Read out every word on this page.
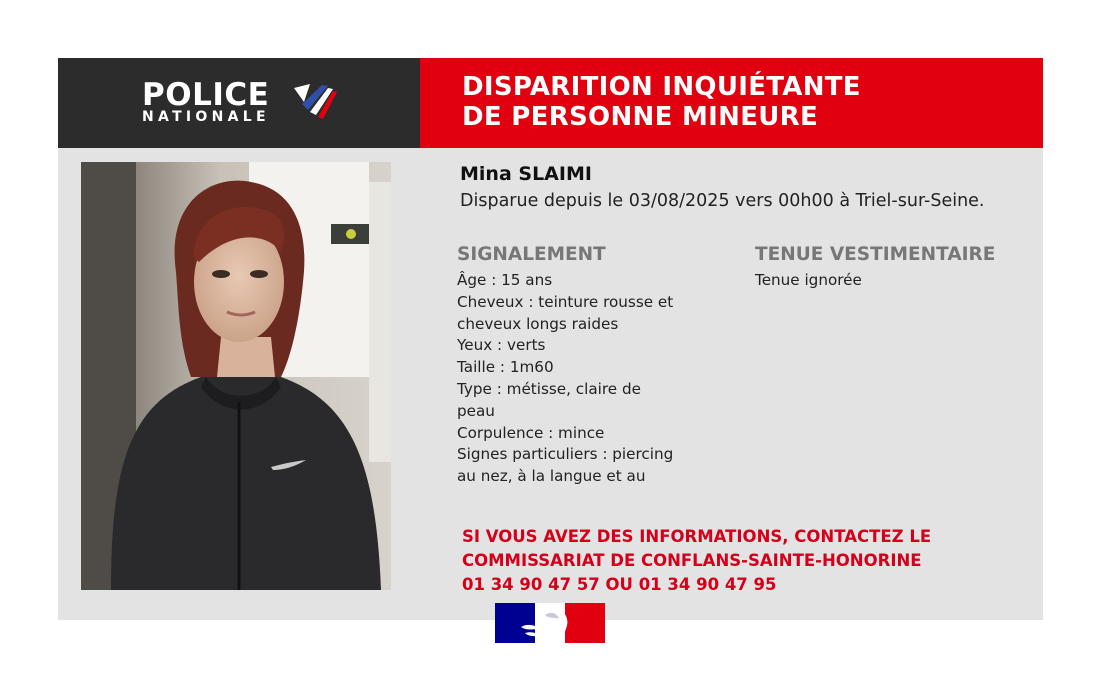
POLICE
NATIONALE
DISPARITION INQUIÉTANTE
DE PERSONNE MINEURE
Mina SLAIMI
Disparue depuis le 03/08/2025 vers 00h00 à Triel-sur-Seine.
SIGNALEMENT
Âge : 15 ans
Cheveux : teinture rousse et
cheveux longs raides
Yeux : verts
Taille : 1m60
Type : métisse, claire de
peau
Corpulence : mince
Signes particuliers : piercing
au nez, à la langue et au
TENUE VESTIMENTAIRE
Tenue ignorée
SI VOUS AVEZ DES INFORMATIONS, CONTACTEZ LE
COMMISSARIAT DE CONFLANS-SAINTE-HONORINE
01 34 90 47 57 OU 01 34 90 47 95
